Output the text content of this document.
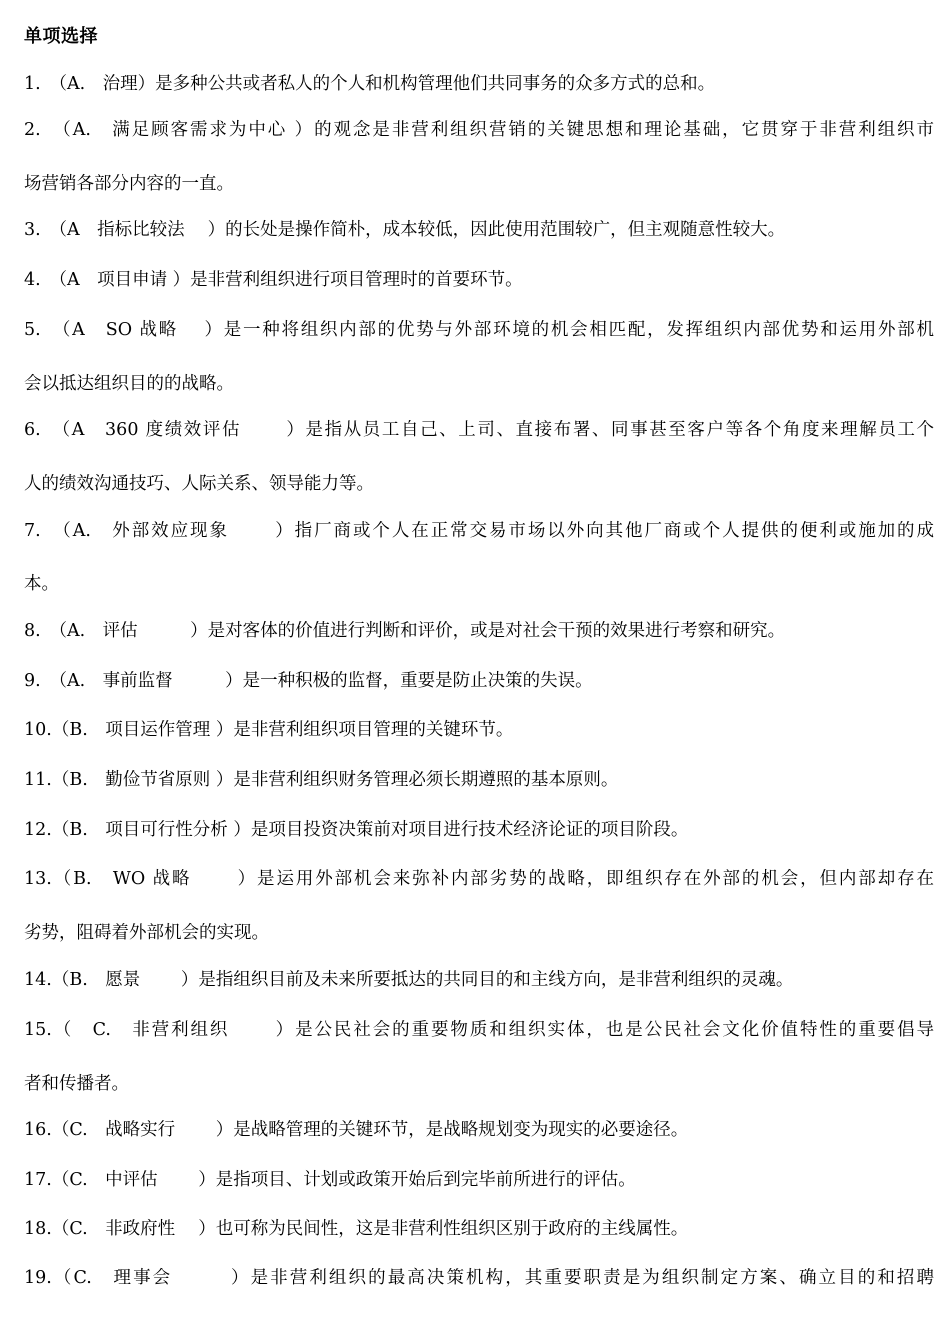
单项选择
1.　（A.　治理）是多种公共或者私人的个人和机构管理他们共同事务的众多方式的总和。
2.　（A.　满足顾客需求为中心 ）的观念是非营利组织营销的关键思想和理论基础，它贯穿于非营利组织市
场营销各部分内容的一直。
3.　（A　指标比较法　 ）的长处是操作简朴，成本较低，因此使用范围较广，但主观随意性较大。
4.　（A　项目申请 ）是非营利组织进行项目管理时的首要环节。
5.　（A　SO 战略　 ）是一种将组织内部的优势与外部环境的机会相匹配，发挥组织内部优势和运用外部机
会以抵达组织目的的战略。
6.　（A　360 度绩效评估　　 ）是指从员工自己、上司、直接布署、同事甚至客户等各个角度来理解员工个
人的绩效沟通技巧、人际关系、领导能力等。
7.　（A.　外部效应现象　　 ）指厂商或个人在正常交易市场以外向其他厂商或个人提供的便利或施加的成
本。
8.　（A.　评估　　　）是对客体的价值进行判断和评价，或是对社会干预的效果进行考察和研究。
9.　（A.　事前监督　　　）是一种积极的监督，重要是防止决策的失误。
10.（B.　项目运作管理 ）是非营利组织项目管理的关键环节。
11.（B.　勤俭节省原则 ）是非营利组织财务管理必须长期遵照的基本原则。
12.（B.　项目可行性分析 ）是项目投资决策前对项目进行技术经济论证的项目阶段。
13.（B.　WO 战略　　 ）是运用外部机会来弥补内部劣势的战略，即组织存在外部的机会，但内部却存在
劣势，阻碍着外部机会的实现。
14.（B.　愿景　　 ）是指组织目前及未来所要抵达的共同目的和主线方向，是非营利组织的灵魂。
15.（　C.　非营利组织　　 ）是公民社会的重要物质和组织实体，也是公民社会文化价值特性的重要倡导
者和传播者。
16.（C.　战略实行　　 ）是战略管理的关键环节，是战略规划变为现实的必要途径。
17.（C.　中评估　　 ）是指项目、计划或政策开始后到完毕前所进行的评估。
18.（C.　非政府性　 ）也可称为民间性，这是非营利性组织区别于政府的主线属性。
19.（C.　理事会　　　）是非营利组织的最高决策机构，其重要职责是为组织制定方案、确立目的和招聘
